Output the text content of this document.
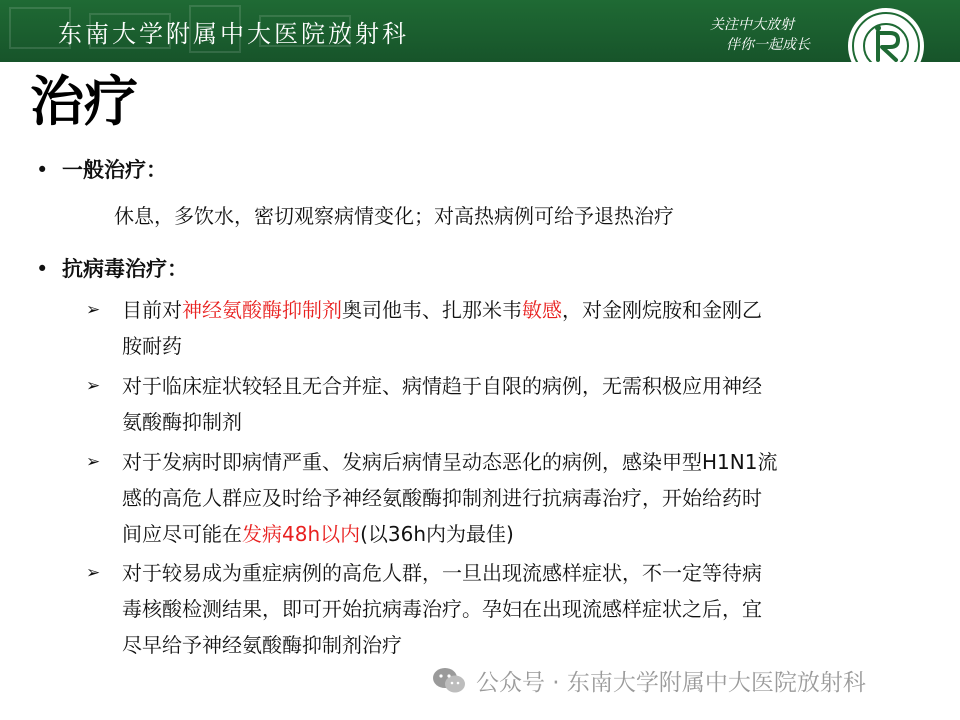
东南大学附属中大医院放射科	关注中大放射
伴你一起成长
治疗
• 一般治疗：
休息，多饮水，密切观察病情变化；对高热病例可给予退热治疗
• 抗病毒治疗：
➢	目前对神经氨酸酶抑制剂奥司他韦、扎那米韦敏感，对金刚烷胺和金刚乙
胺耐药
➢	对于临床症状较轻且无合并症、病情趋于自限的病例，无需积极应用神经
氨酸酶抑制剂
➢	对于发病时即病情严重、发病后病情呈动态恶化的病例，感染甲型H1N1流
感的高危人群应及时给予神经氨酸酶抑制剂进行抗病毒治疗，开始给药时
间应尽可能在发病48h以内(以36h内为最佳)
➢	对于较易成为重症病例的高危人群，一旦出现流感样症状，不一定等待病
毒核酸检测结果，即可开始抗病毒治疗。孕妇在出现流感样症状之后，宜
尽早给予神经氨酸酶抑制剂治疗
公众号 · 东南大学附属中大医院放射科
